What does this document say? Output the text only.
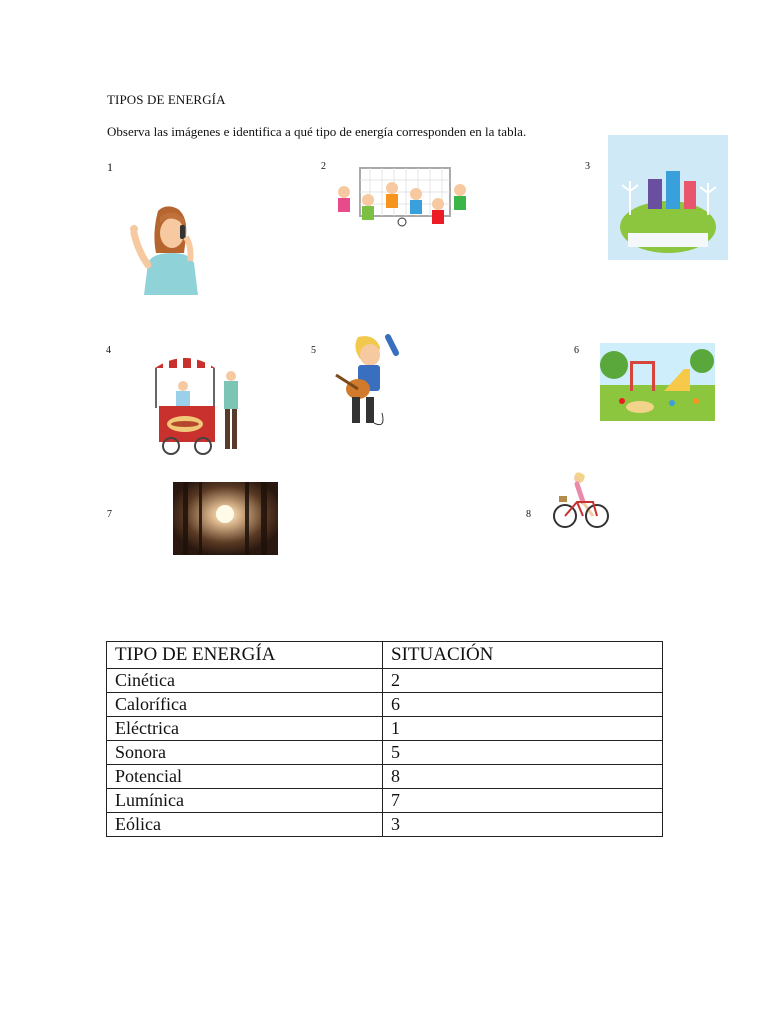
TIPOS DE ENERGÍA
Observa las imágenes e identifica a qué tipo de energía corresponden en la tabla.
1	2	3
4	5	6
7	8
TIPO DE ENERGÍA	SITUACIÓN
Cinética	2
Calorífica	6
Eléctrica	1
Sonora	5
Potencial	8
Lumínica	7
Eólica	3
